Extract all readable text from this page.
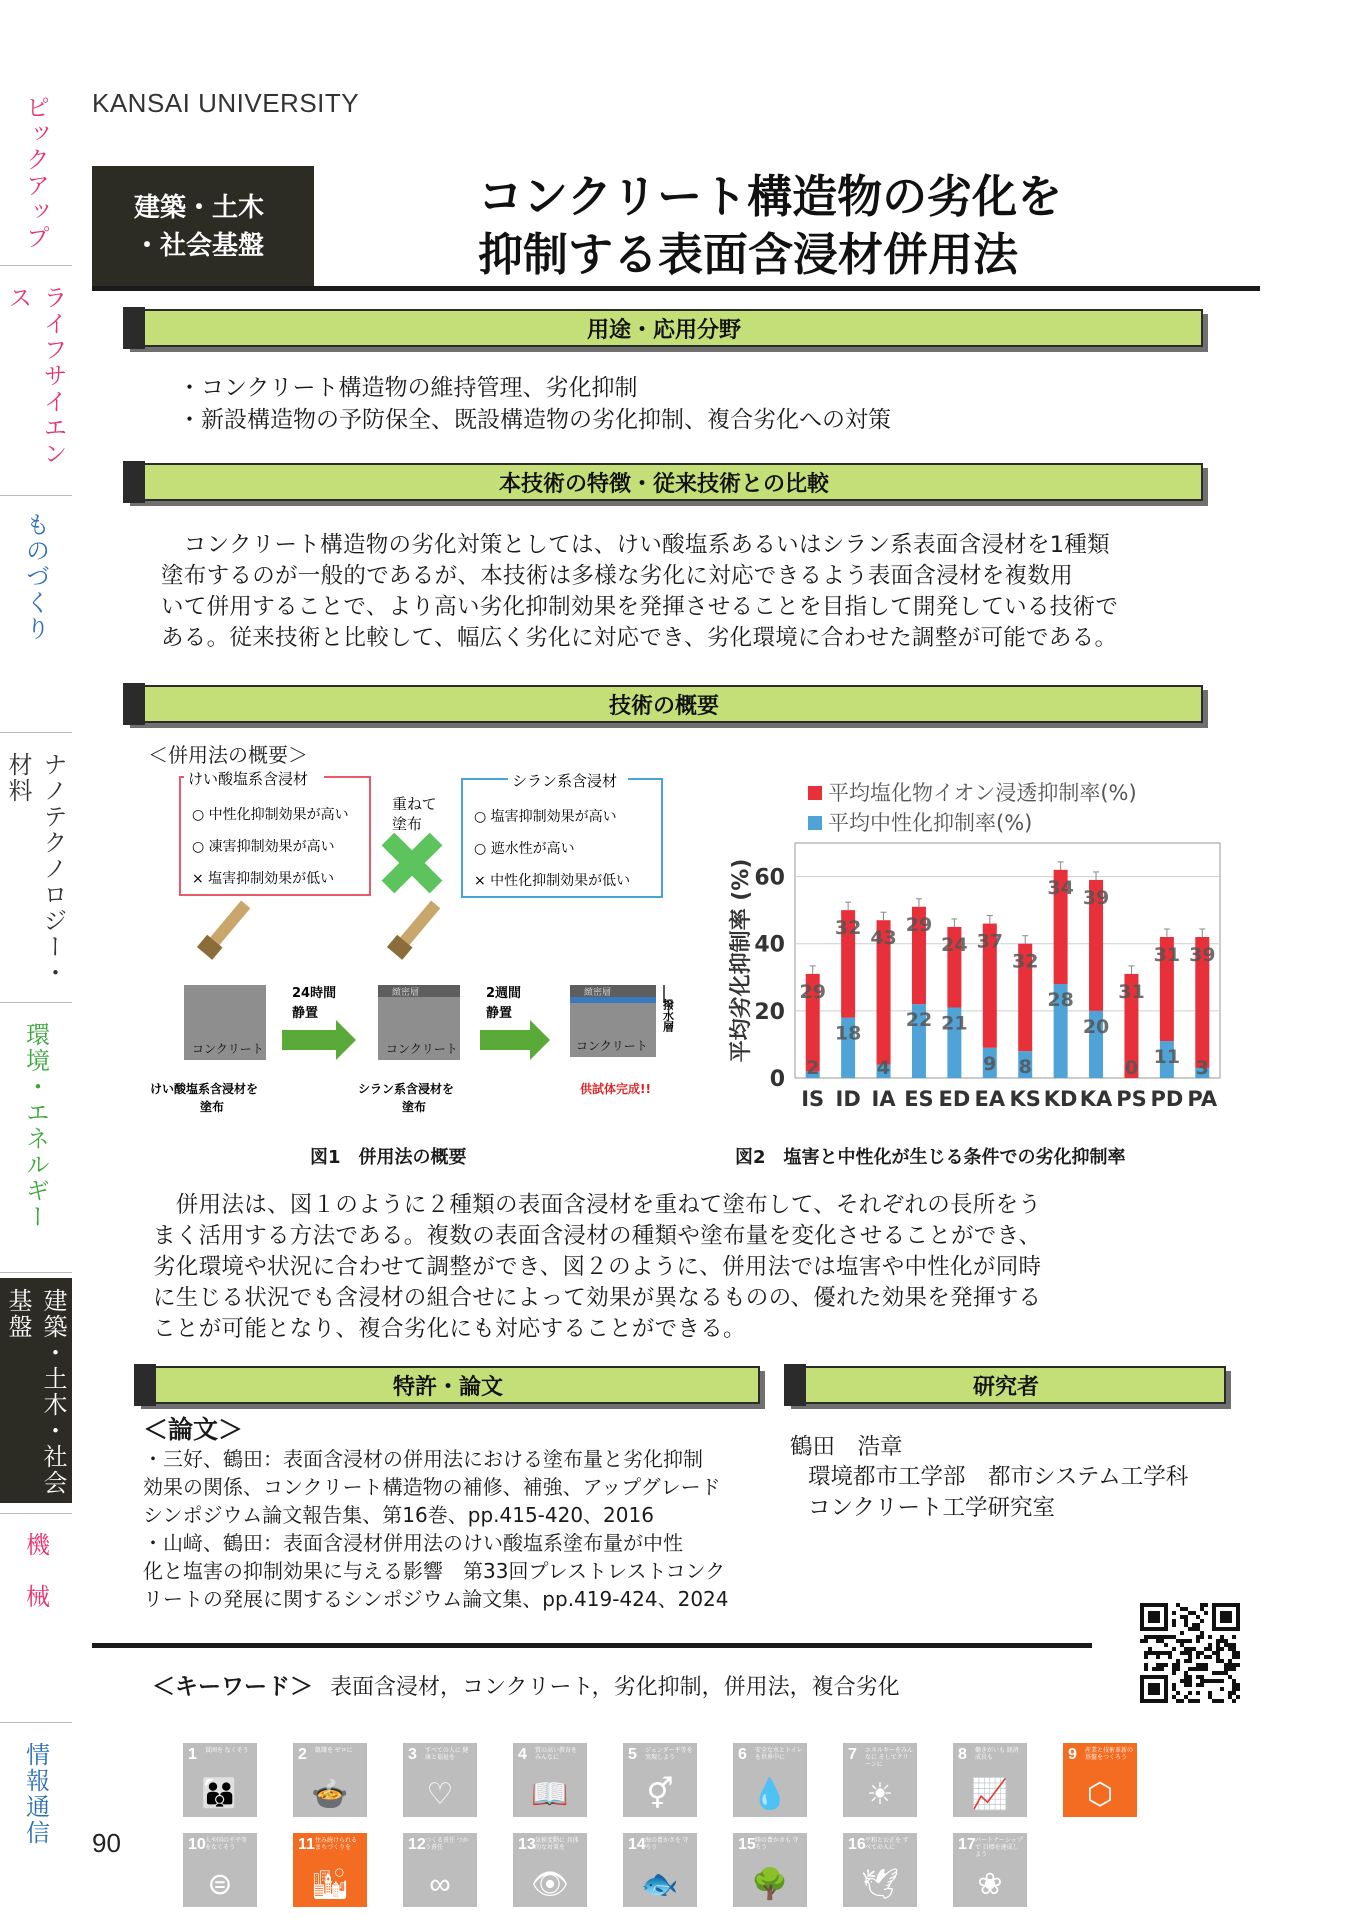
ピックアップ
ライフサイエンス
ものづくり
ナノテクノロジー・材料
環境・エネルギー
建築・土木・社会基盤
機　械
情報通信
KANSAI UNIVERSITY
建築・土木
・社会基盤
コンクリート構造物の劣化を
抑制する表面含浸材併用法
用途・応用分野
・コンクリート構造物の維持管理、劣化抑制
・新設構造物の予防保全、既設構造物の劣化抑制、複合劣化への対策
本技術の特徴・従来技術との比較
　コンクリート構造物の劣化対策としては、けい酸塩系あるいはシラン系表面含浸材を1種類
塗布するのが一般的であるが、本技術は多様な劣化に対応できるよう表面含浸材を複数用
いて併用することで、より高い劣化抑制効果を発揮させることを目指して開発している技術で
ある。従来技術と比較して、幅広く劣化に対応でき、劣化環境に合わせた調整が可能である。
技術の概要
＜併用法の概要＞
けい酸塩系含浸材
○ 中性化抑制効果が高い
○ 凍害抑制効果が高い
× 塩害抑制効果が低い
重ねて
塗布
シラン系含浸材
○ 塩害抑制効果が高い
○ 遮水性が高い
× 中性化抑制効果が低い
コンクリート
けい酸塩系含浸材を
塗布
24時間
静置
緻密層
コンクリート
シラン系含浸材を
塗布
2週間
静置
緻密層
コンクリート
撥水層
供試体完成!!
平均塩化物イオン浸透抑制率(%)
平均中性化抑制率(%)
0
20
40
60
平均劣化抑制率 (%) 29
2
IS
32
18
ID
43
4
IA
29
22
ES
24
21
ED
37
9
EA
32
8
KS
34
28
KD
39
20
KA
31
0
PS
31
11
PD
39
3
PA
図1　併用法の概要	図2　塩害と中性化が生じる条件での劣化抑制率
　併用法は、図１のように２種類の表面含浸材を重ねて塗布して、それぞれの長所をう
まく活用する方法である。複数の表面含浸材の種類や塗布量を変化させることができ、
劣化環境や状況に合わせて調整ができ、図２のように、併用法では塩害や中性化が同時
に生じる状況でも含浸材の組合せによって効果が異なるものの、優れた効果を発揮する
ことが可能となり、複合劣化にも対応することができる。
特許・論文	研究者
＜論文＞
・三好、鶴田：表面含浸材の併用法における塗布量と劣化抑制
効果の関係、コンクリート構造物の補修、補強、アップグレード
シンポジウム論文報告集、第16巻、pp.415-420、2016
・山﨑、鶴田：表面含浸材併用法のけい酸塩系塗布量が中性
化と塩害の抑制効果に与える影響　第33回プレストレストコンク
リートの発展に関するシンポジウム論文集、pp.419-424、2024
鶴田　浩章
環境都市工学部　都市システム工学科
コンクリート工学研究室
＜キーワード＞ 表面含浸材，コンクリート，劣化抑制，併用法，複合劣化
1 貧困を なくそう
👪
2 飢餓を ゼロに
🍲
3 すべての人に 健康と福祉を
♡
4 質の高い教育を みんなに
📖
5 ジェンダー平等を 実現しよう
⚥
6 安全な水とトイレ を世界中に
💧
7 エネルギーをみんなに そしてクリーンに
☀
8 働きがいも 経済成長も
📈
9 産業と技術革新の 基盤をつくろう
⬡
10 人や国の不平等 をなくそう
⊜
11 住み続けられる まちづくりを
🏙
12 つくる責任 つかう責任
∞
13 気候変動に 具体的な対策を
👁
14 海の豊かさを 守ろう
🐟
15 陸の豊かさも 守ろう
🌳
16 平和と公正を すべての人に
🕊
17 パートナーシップで 目標を達成しよう
❀
90
